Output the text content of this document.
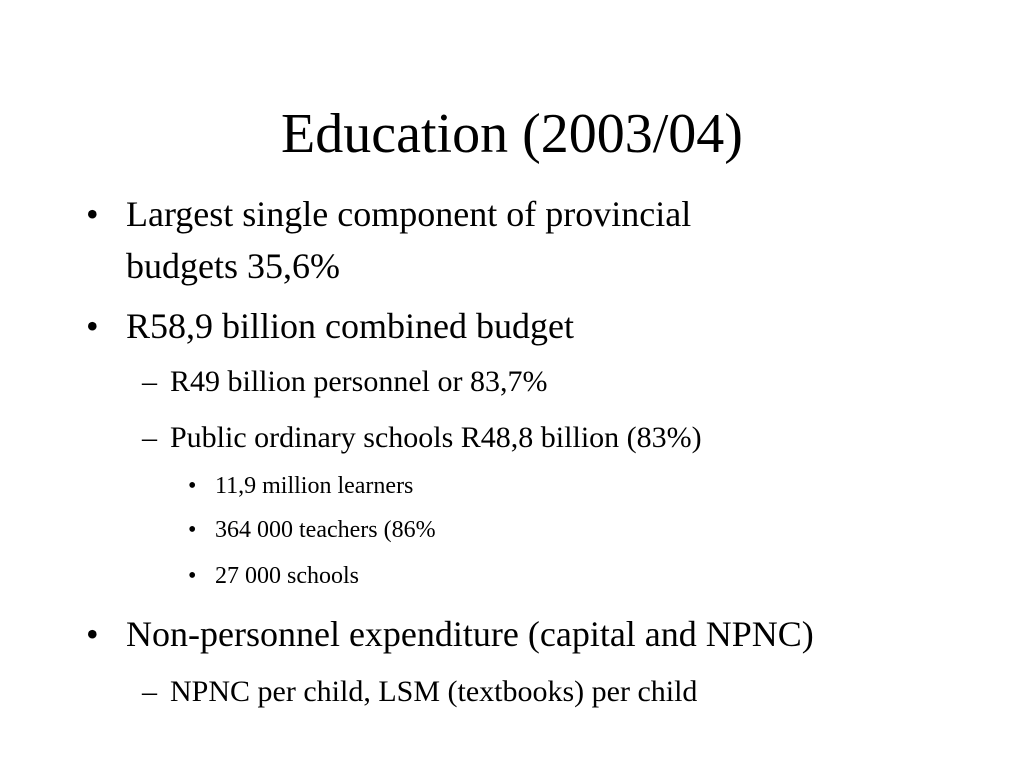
Education (2003/04)
• Largest single component of provincial
budgets 35,6%
• R58,9 billion combined budget
– R49 billion personnel or 83,7%
– Public ordinary schools R48,8 billion (83%)
• 11,9 million learners
• 364 000 teachers (86%
• 27 000 schools
• Non-personnel expenditure (capital and NPNC)
– NPNC per child, LSM (textbooks) per child
